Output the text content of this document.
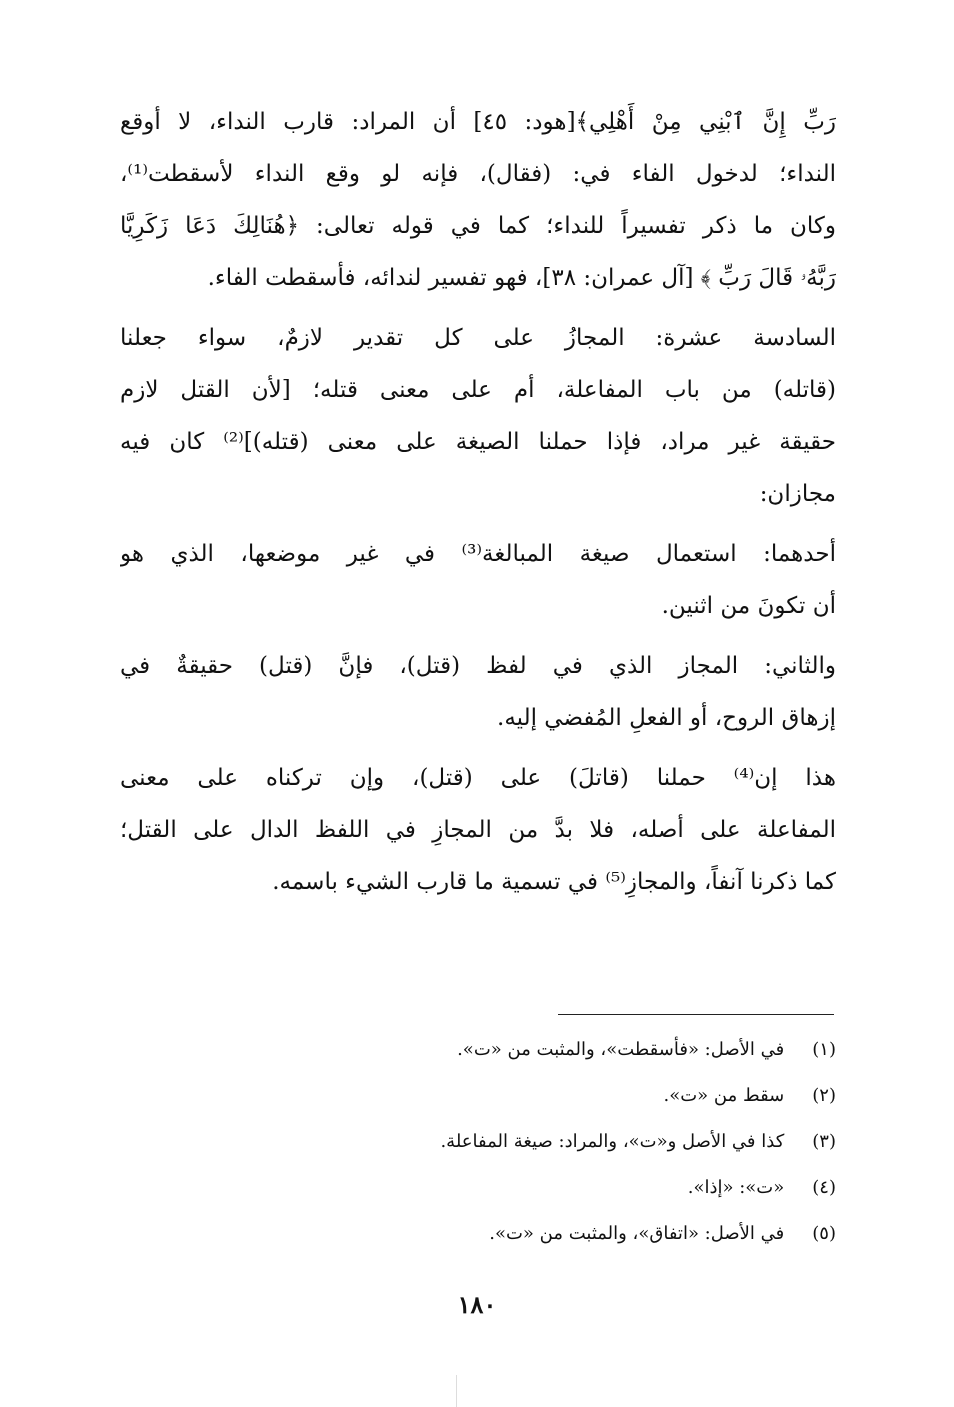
رَبِّ إِنَّ ٱبْنِي مِنْ أَهْلِي﴾[هود: ٤٥] أن المراد: قارب النداء، لا أوقع
النداء؛ لدخول الفاء في: (فقال)، فإنه لو وقع النداء لأسقطت⁽¹⁾،
وكان ما ذكر تفسيراً للنداء؛ كما في قوله تعالى: ﴿هُنَالِكَ دَعَا زَكَرِيَّا
رَبَّهُۥ قَالَ رَبِّ ﴾ [آل عمران: ٣٨]، فهو تفسير لندائه، فأسقطت الفاء.
السادسة عشرة: المجازُ على كل تقدير لازمٌ، سواء جعلنا
(قاتله) من باب المفاعلة، أم على معنى قتله؛ [لأن القتل لازم
حقيقة غير مراد، فإذا حملنا الصيغة على معنى (قتله)]⁽²⁾ كان فيه
مجازان:
أحدهما: استعمال صيغة المبالغة⁽³⁾ في غير موضعها، الذي هو
أن تكونَ من اثنين.
والثاني: المجاز الذي في لفظ (قتل)، فإنَّ (قتل) حقيقةٌ في
إزهاق الروح، أو الفعلِ المُفضي إليه.
هذا إن⁽⁴⁾ حملنا (قاتلَ) على (قتل)، وإن تركناه على معنى
المفاعلة على أصله، فلا بدَّ من المجازِ في اللفظ الدال على القتل؛
كما ذكرنا آنفاً، والمجازِ⁽⁵⁾ في تسمية ما قارب الشيء باسمه.
(١) في الأصل: «فأسقطت»، والمثبت من «ت».
(٢) سقط من «ت».
(٣) كذا في الأصل و«ت»، والمراد: صيغة المفاعلة.
(٤) «ت»: «إذا».
(٥) في الأصل: «اتفاق»، والمثبت من «ت».
١٨٠
